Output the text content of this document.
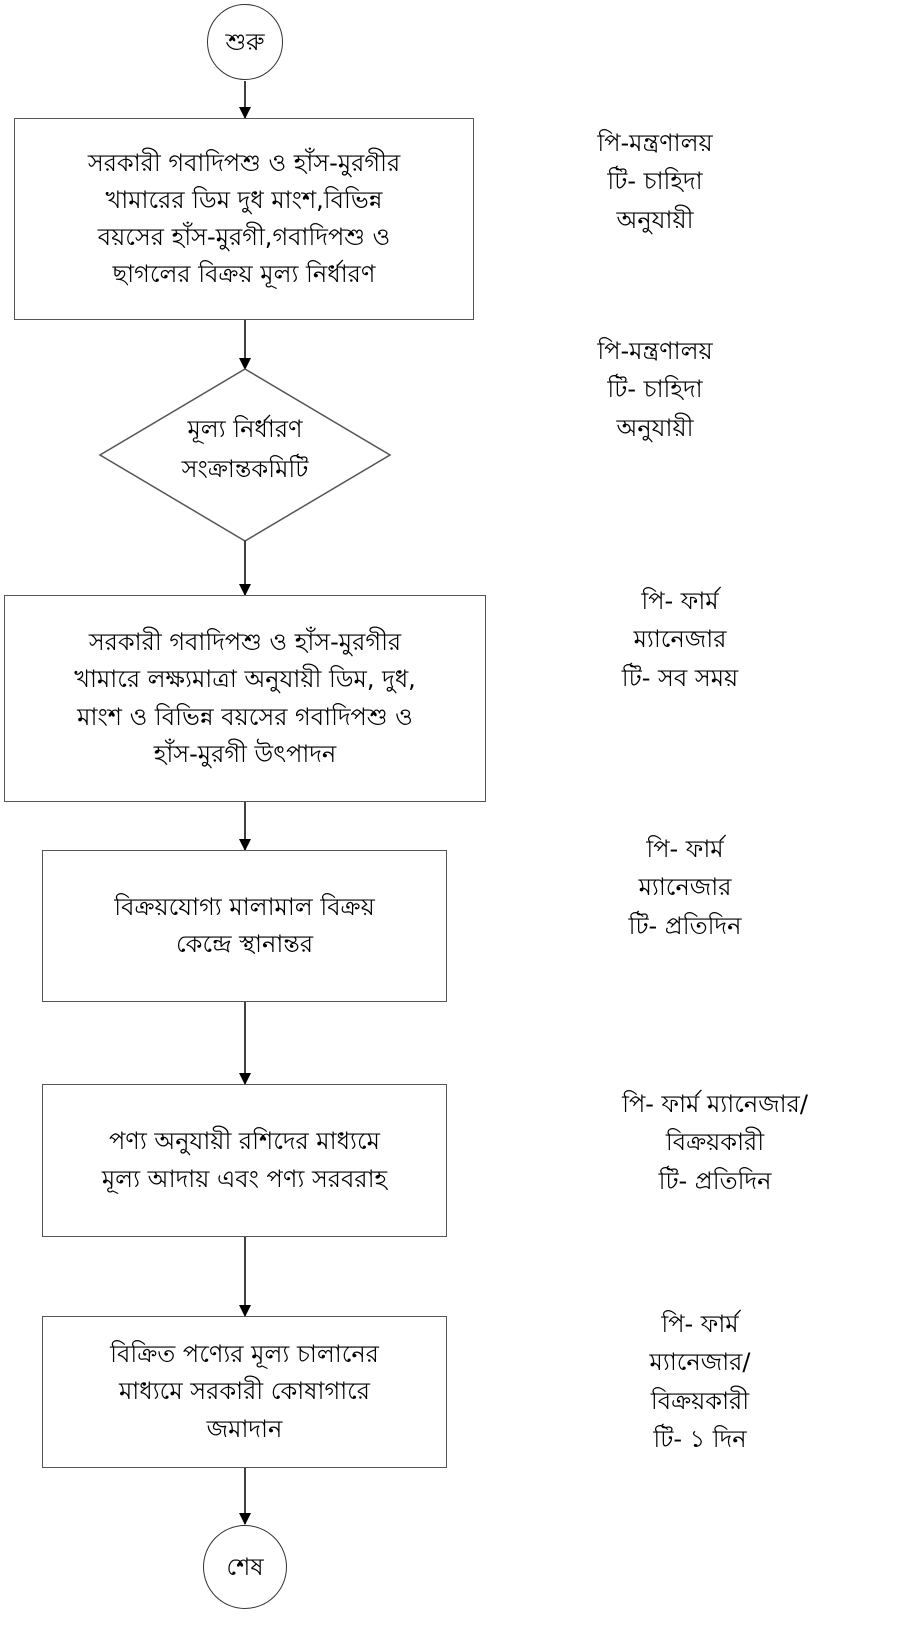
শুরু
সরকারী গবাদিপশু ও হাঁস-মুরগীর
খামারের ডিম দুধ মাংশ,বিভিন্ন
বয়সের হাঁস-মুরগী,গবাদিপশু ও
ছাগলের বিক্রয় মূল্য নির্ধারণ
পি-মন্ত্রণালয়
টি- চাহিদা
অনুযায়ী
মূল্য নির্ধারণ
সংক্রান্তকমিটি
পি-মন্ত্রণালয়
টি- চাহিদা
অনুযায়ী
সরকারী গবাদিপশু ও হাঁস-মুরগীর
খামারে লক্ষ্যমাত্রা অনুযায়ী ডিম, দুধ,
মাংশ ও বিভিন্ন বয়সের গবাদিপশু ও
হাঁস-মুরগী উৎপাদন
পি- ফার্ম
ম্যানেজার
টি- সব সময়
বিক্রয়যোগ্য মালামাল বিক্রয়
কেন্দ্রে স্থানান্তর
পি- ফার্ম
ম্যানেজার
টি- প্রতিদিন
পণ্য অনুযায়ী রশিদের মাধ্যমে
মূল্য আদায় এবং পণ্য সরবরাহ
পি- ফার্ম ম্যানেজার/
বিক্রয়কারী
টি- প্রতিদিন
বিক্রিত পণ্যের মূল্য চালানের
মাধ্যমে সরকারী কোষাগারে
জমাদান
পি- ফার্ম
ম্যানেজার/
বিক্রয়কারী
টি- ১ দিন
শেষ
